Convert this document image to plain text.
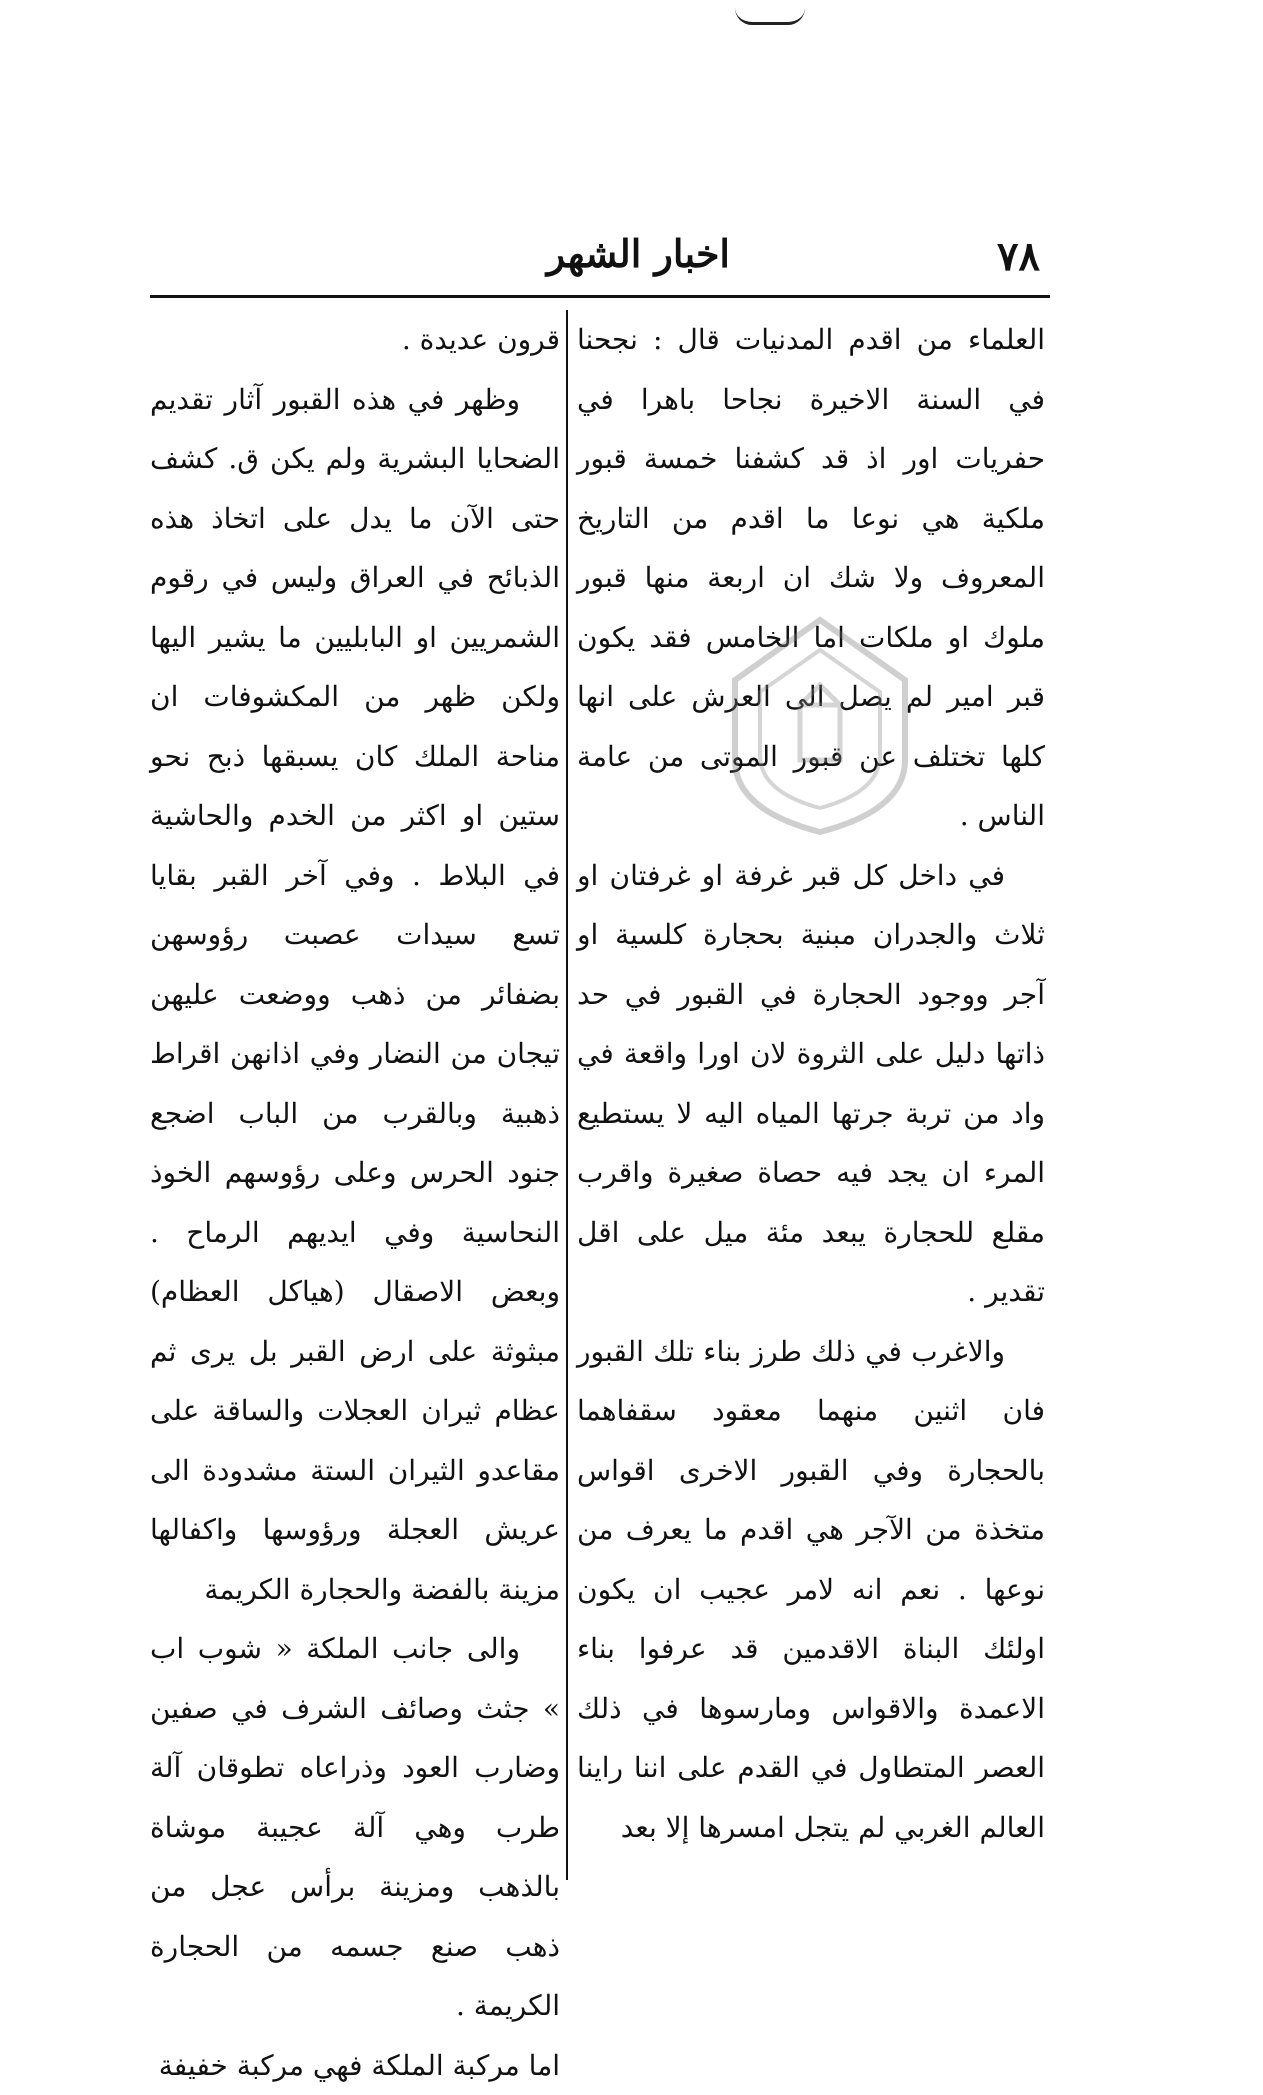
٧٨
اخبار الشهر

العلماء من اقدم المدنيات قال : نجحنا في السنة الاخيرة نجاحا باهرا في حفريات اور اذ قد كشفنا خمسة قبور ملكية هي نوعا ما اقدم من التاريخ المعروف ولا شك ان اربعة منها قبور ملوك او ملكات اما الخامس فقد يكون قبر امير لم يصل الى العرش على انها كلها تختلف عن قبور الموتى من عامة الناس .

في داخل كل قبر غرفة او غرفتان او ثلاث والجدران مبنية بحجارة كلسية او آجر ووجود الحجارة في القبور في حد ذاتها دليل على الثروة لان اورا واقعة في واد من تربة جرتها المياه اليه لا يستطيع المرء ان يجد فيه حصاة صغيرة واقرب مقلع للحجارة يبعد مئة ميل على اقل تقدير .

والاغرب في ذلك طرز بناء تلك القبور فان اثنين منهما معقود سقفاهما بالحجارة وفي القبور الاخرى اقواس متخذة من الآجر هي اقدم ما يعرف من نوعها . نعم انه لامر عجيب ان يكون اولئك البناة الاقدمين قد عرفوا بناء الاعمدة والاقواس ومارسوها في ذلك العصر المتطاول في القدم على اننا راينا العالم الغربي لم يتجل امسرها إلا بعد

قرون عديدة .

وظهر في هذه القبور آثار تقديم الضحايا البشرية ولم يكن ق. كشف حتى الآن ما يدل على اتخاذ هذه الذبائح في العراق وليس في رقوم الشمريين او البابليين ما يشير اليها ولكن ظهر من المكشوفات ان مناحة الملك كان يسبقها ذبح نحو ستين او اكثر من الخدم والحاشية في البلاط . وفي آخر القبر بقايا تسع سيدات عصبت رؤوسهن بضفائر من ذهب ووضعت عليهن تيجان من النضار وفي اذانهن اقراط ذهبية وبالقرب من الباب اضجع جنود الحرس وعلى رؤوسهم الخوذ النحاسية وفي ايديهم الرماح . وبعض الاصقال (هياكل العظام) مبثوثة على ارض القبر بل يرى ثم عظام ثيران العجلات والساقة على مقاعدو الثيران الستة مشدودة الى عريش العجلة ورؤوسها واكفالها مزينة بالفضة والحجارة الكريمة

والى جانب الملكة « شوب اب » جثث وصائف الشرف في صفين وضارب العود وذراعاه تطوقان آلة طرب وهي آلة عجيبة موشاة بالذهب ومزينة برأس عجل من ذهب صنع جسمه من الحجارة الكريمة .

اما مركبة الملكة فهي مركبة خفيفة
